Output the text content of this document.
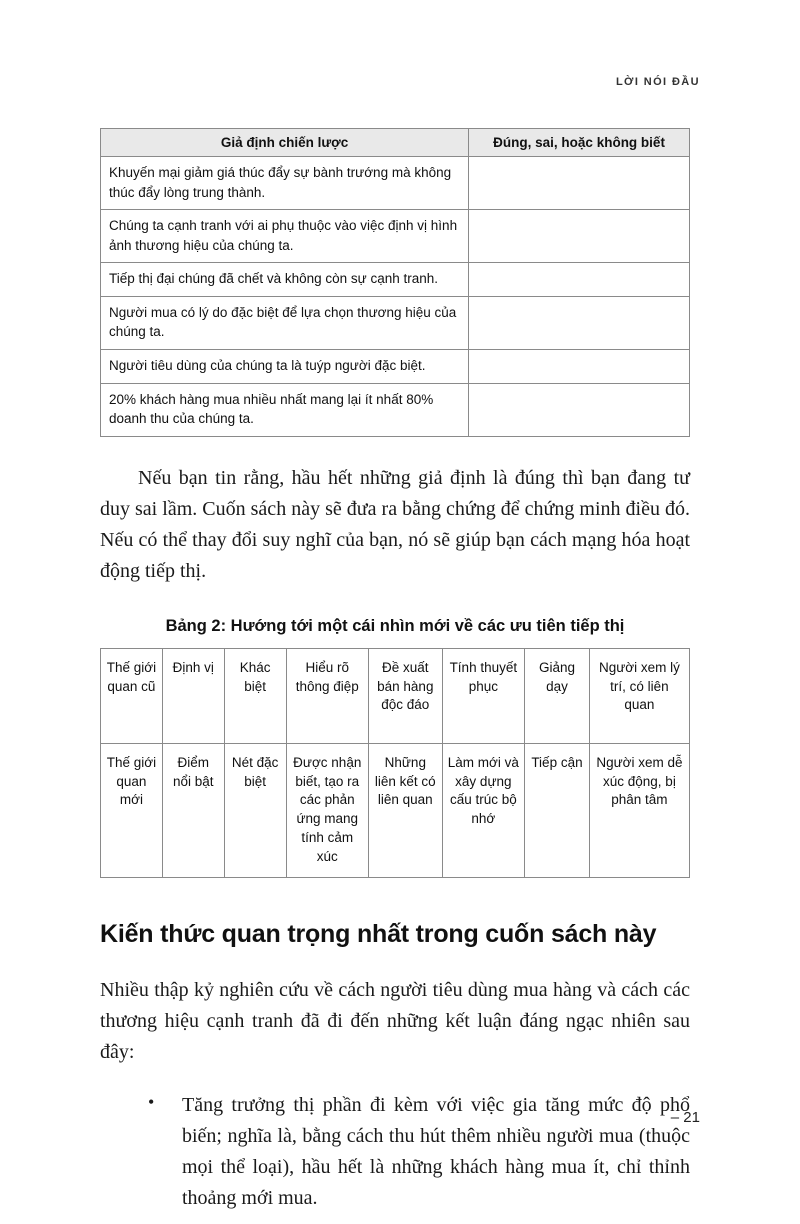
LỜI NÓI ĐẦU
Giả định chiến lược	Đúng, sai, hoặc không biết
Khuyến mại giảm giá thúc đẩy sự bành trướng mà không thúc đẩy lòng trung thành.	
Chúng ta cạnh tranh với ai phụ thuộc vào việc định vị hình ảnh thương hiệu của chúng ta.	
Tiếp thị đại chúng đã chết và không còn sự cạnh tranh.	
Người mua có lý do đặc biệt để lựa chọn thương hiệu của chúng ta.	
Người tiêu dùng của chúng ta là tuýp người đặc biệt.	
20% khách hàng mua nhiều nhất mang lại ít nhất 80% doanh thu của chúng ta.	

Nếu bạn tin rằng, hầu hết những giả định là đúng thì bạn đang tư duy sai lầm. Cuốn sách này sẽ đưa ra bằng chứng để chứng minh điều đó. Nếu có thể thay đổi suy nghĩ của bạn, nó sẽ giúp bạn cách mạng hóa hoạt động tiếp thị.

Bảng 2: Hướng tới một cái nhìn mới về các ưu tiên tiếp thị
Thế giới quan cũ	Định vị	Khác biệt	Hiểu rõ thông điệp	Đề xuất bán hàng độc đáo	Tính thuyết phục	Giảng dạy	Người xem lý trí, có liên quan
Thế giới quan mới	Điểm nổi bật	Nét đặc biệt	Được nhận biết, tạo ra các phản ứng mang tính cảm xúc	Những liên kết có liên quan	Làm mới và xây dựng cấu trúc bộ nhớ	Tiếp cận	Người xem dễ xúc động, bị phân tâm
Kiến thức quan trọng nhất trong cuốn sách này

Nhiều thập kỷ nghiên cứu về cách người tiêu dùng mua hàng và cách các thương hiệu cạnh tranh đã đi đến những kết luận đáng ngạc nhiên sau đây:

• Tăng trưởng thị phần đi kèm với việc gia tăng mức độ phổ biến; nghĩa là, bằng cách thu hút thêm nhiều người mua (thuộc mọi thể loại), hầu hết là những khách hàng mua ít, chỉ thỉnh thoảng mới mua.
– 21
